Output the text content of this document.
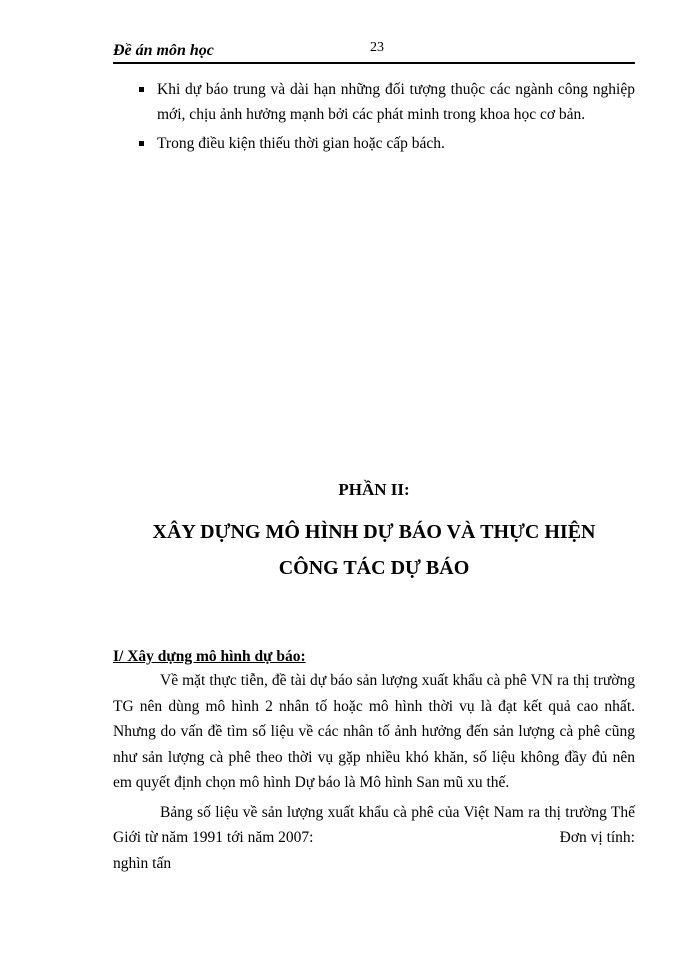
Đề án môn học	23
Khi dự báo trung và dài hạn những đối tượng thuộc các ngành công nghiệp mới, chịu ảnh hưởng mạnh bởi các phát minh trong khoa học cơ bản.
Trong điều kiện thiếu thời gian hoặc cấp bách.
PHẦN II:
XÂY DỰNG MÔ HÌNH DỰ BÁO VÀ THỰC HIỆN
CÔNG TÁC DỰ BÁO
I/ Xây dựng mô hình dự báo:

Về mặt thực tiễn, đề tài dự báo sản lượng xuất khẩu cà phê VN ra thị trường TG nên dùng mô hình 2 nhân tố hoặc mô hình thời vụ là đạt kết quả cao nhất. Nhưng do vấn đề tìm số liệu về các nhân tố ảnh hưởng đến sản lượng cà phê cũng như sản lượng cà phê theo thời vụ gặp nhiều khó khăn, số liệu không đầy đủ nên em quyết định chọn mô hình Dự báo là Mô hình San mũ xu thế.

Bảng số liệu về sản lượng xuất khẩu cà phê của Việt Nam ra thị trường Thế Giới từ năm 1991 tới năm 2007:	Đơn vị tính:

nghìn tấn
